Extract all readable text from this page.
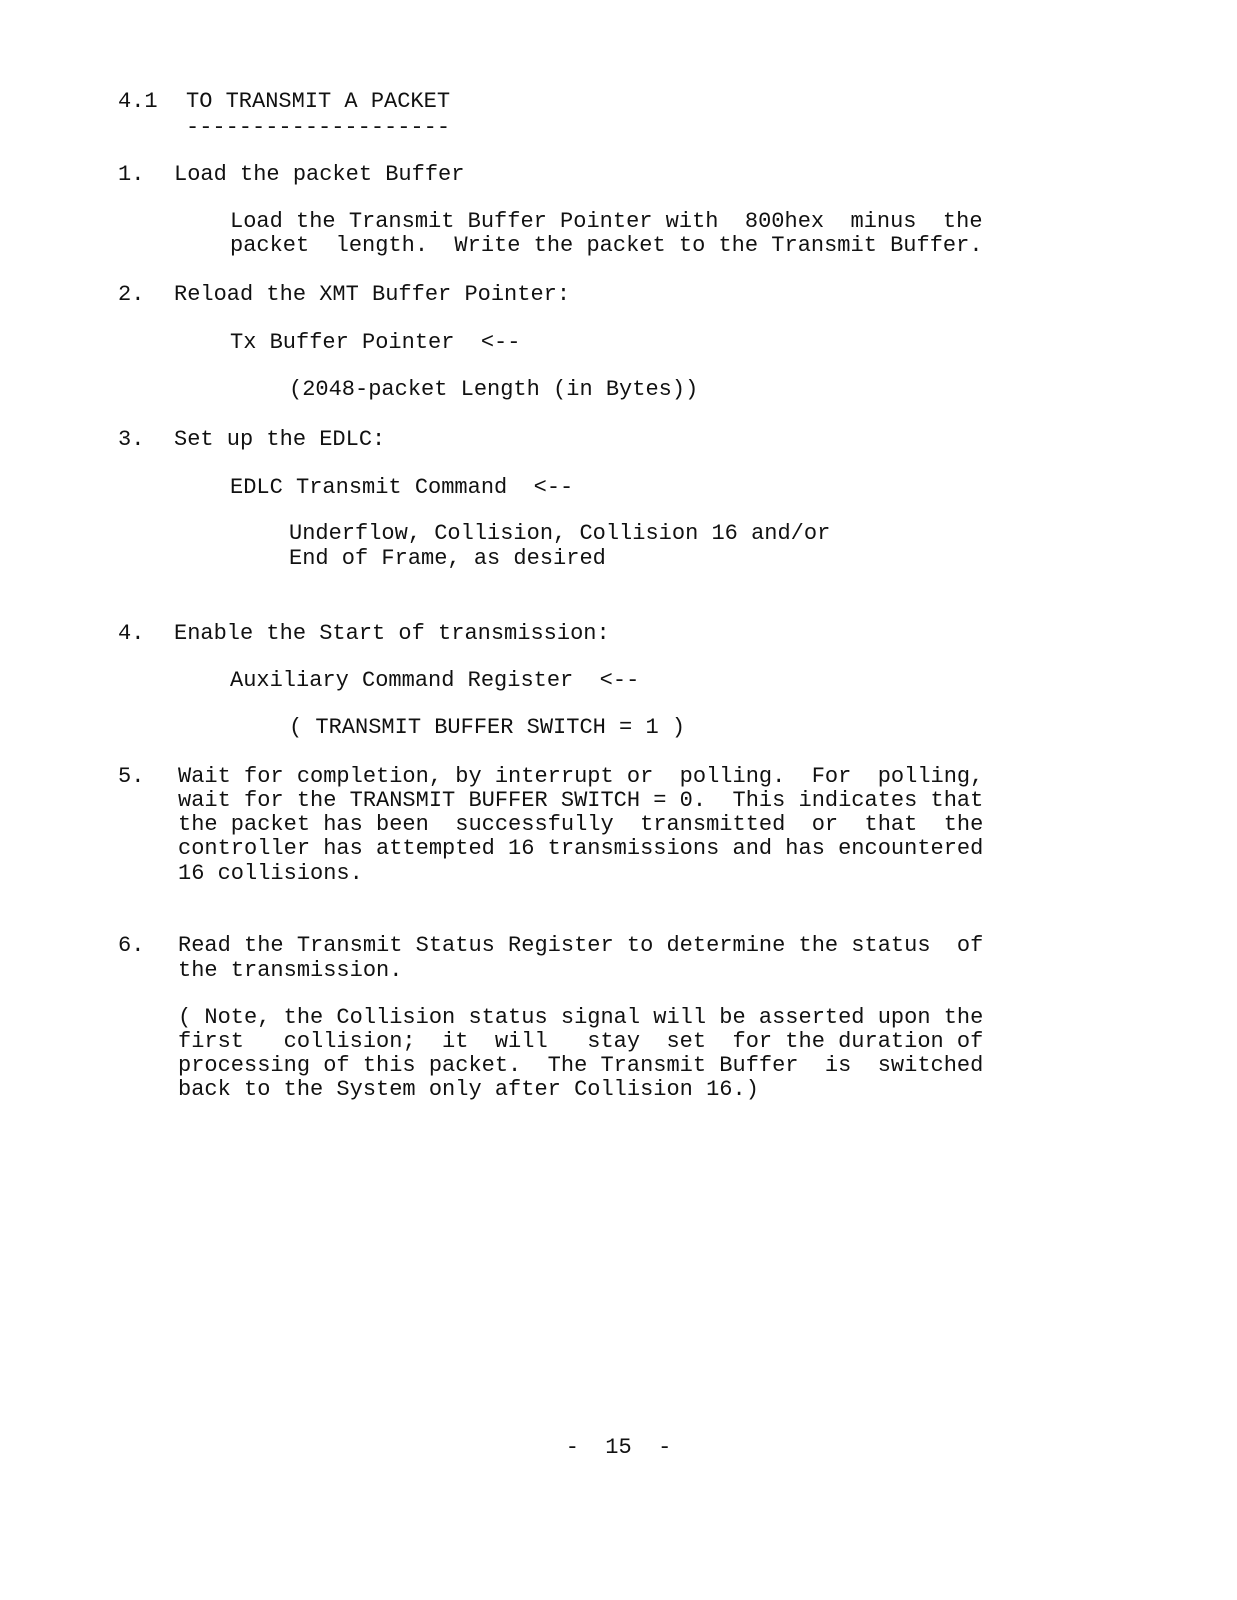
4.1 TO TRANSMIT A PACKET
--------------------
1. Load the packet Buffer
Load the Transmit Buffer Pointer with  800hex  minus  the
packet  length.  Write the packet to the Transmit Buffer.
2. Reload the XMT Buffer Pointer:
Tx Buffer Pointer  <--
(2048-packet Length (in Bytes))
3. Set up the EDLC:
EDLC Transmit Command  <--
Underflow, Collision, Collision 16 and/or
End of Frame, as desired
4. Enable the Start of transmission:
Auxiliary Command Register  <--
( TRANSMIT BUFFER SWITCH = 1 )
5. Wait for completion, by interrupt or  polling.  For  polling,
wait for the TRANSMIT BUFFER SWITCH = 0.  This indicates that
the packet has been  successfully  transmitted  or  that  the
controller has attempted 16 transmissions and has encountered
16 collisions.
6. Read the Transmit Status Register to determine the status  of
the transmission.
( Note, the Collision status signal will be asserted upon the
first   collision;  it  will   stay  set  for the duration of
processing of this packet.  The Transmit Buffer  is  switched
back to the System only after Collision 16.)
-  15  -
